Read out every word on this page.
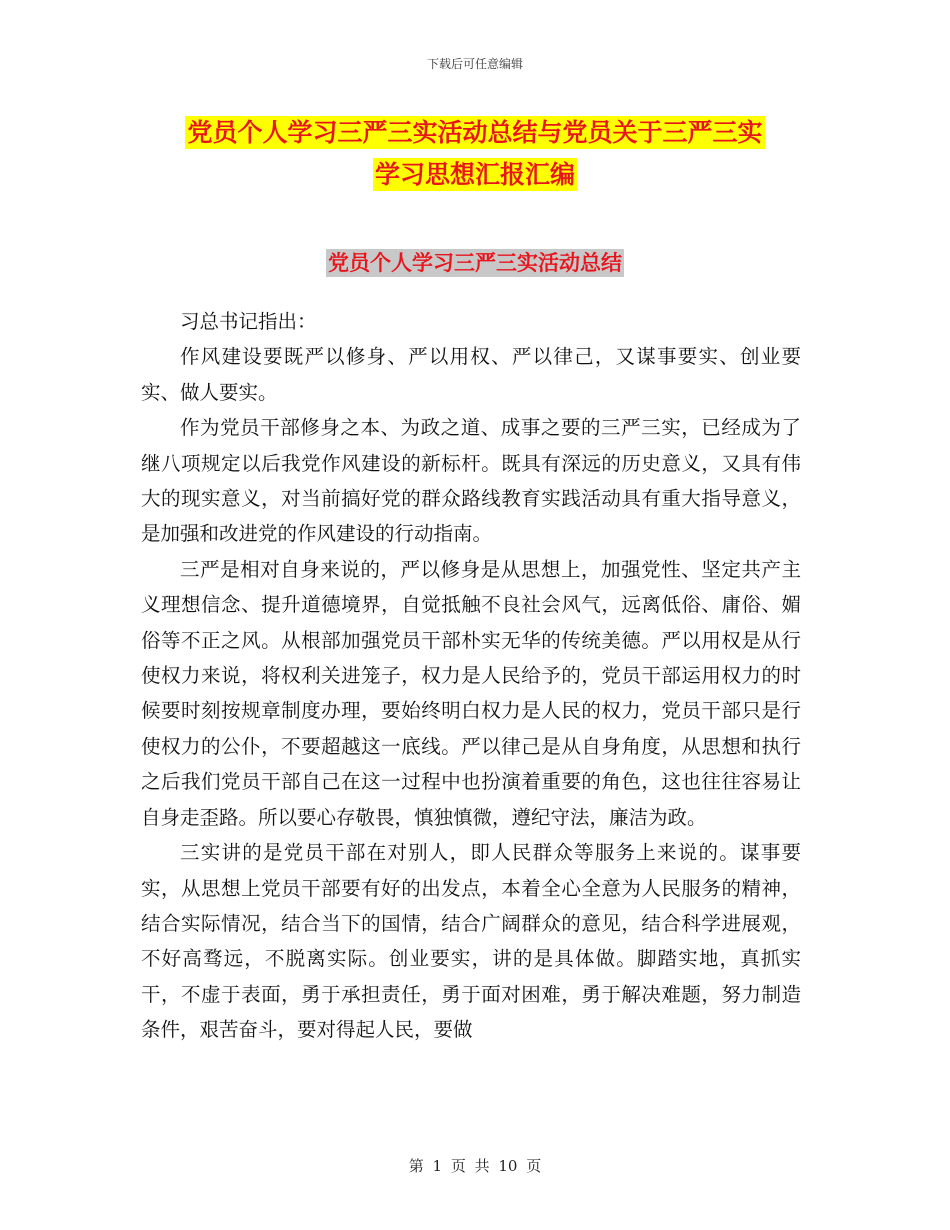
下载后可任意编辑
党员个人学习三严三实活动总结与党员关于三严三实
学习思想汇报汇编
党员个人学习三严三实活动总结

习总书记指出：

作风建设要既严以修身、严以用权、严以律己，又谋事要实、创业要实、做人要实。

作为党员干部修身之本、为政之道、成事之要的三严三实，已经成为了继八项规定以后我党作风建设的新标杆。既具有深远的历史意义，又具有伟大的现实意义，对当前搞好党的群众路线教育实践活动具有重大指导意义，是加强和改进党的作风建设的行动指南。

三严是相对自身来说的，严以修身是从思想上，加强党性、坚定共产主义理想信念、提升道德境界，自觉抵触不良社会风气，远离低俗、庸俗、媚俗等不正之风。从根部加强党员干部朴实无华的传统美德。严以用权是从行使权力来说，将权利关进笼子，权力是人民给予的，党员干部运用权力的时候要时刻按规章制度办理，要始终明白权力是人民的权力，党员干部只是行使权力的公仆，不要超越这一底线。严以律己是从自身角度，从思想和执行之后我们党员干部自己在这一过程中也扮演着重要的角色，这也往往容易让自身走歪路。所以要心存敬畏，慎独慎微，遵纪守法，廉洁为政。

三实讲的是党员干部在对别人，即人民群众等服务上来说的。谋事要实，从思想上党员干部要有好的出发点，本着全心全意为人民服务的精神，结合实际情况，结合当下的国情，结合广阔群众的意见，结合科学进展观，不好高骛远，不脱离实际。创业要实，讲的是具体做。脚踏实地，真抓实干，不虚于表面，勇于承担责任，勇于面对困难，勇于解决难题，努力制造条件，艰苦奋斗，要对得起人民，要做

第 1 页 共 10 页
